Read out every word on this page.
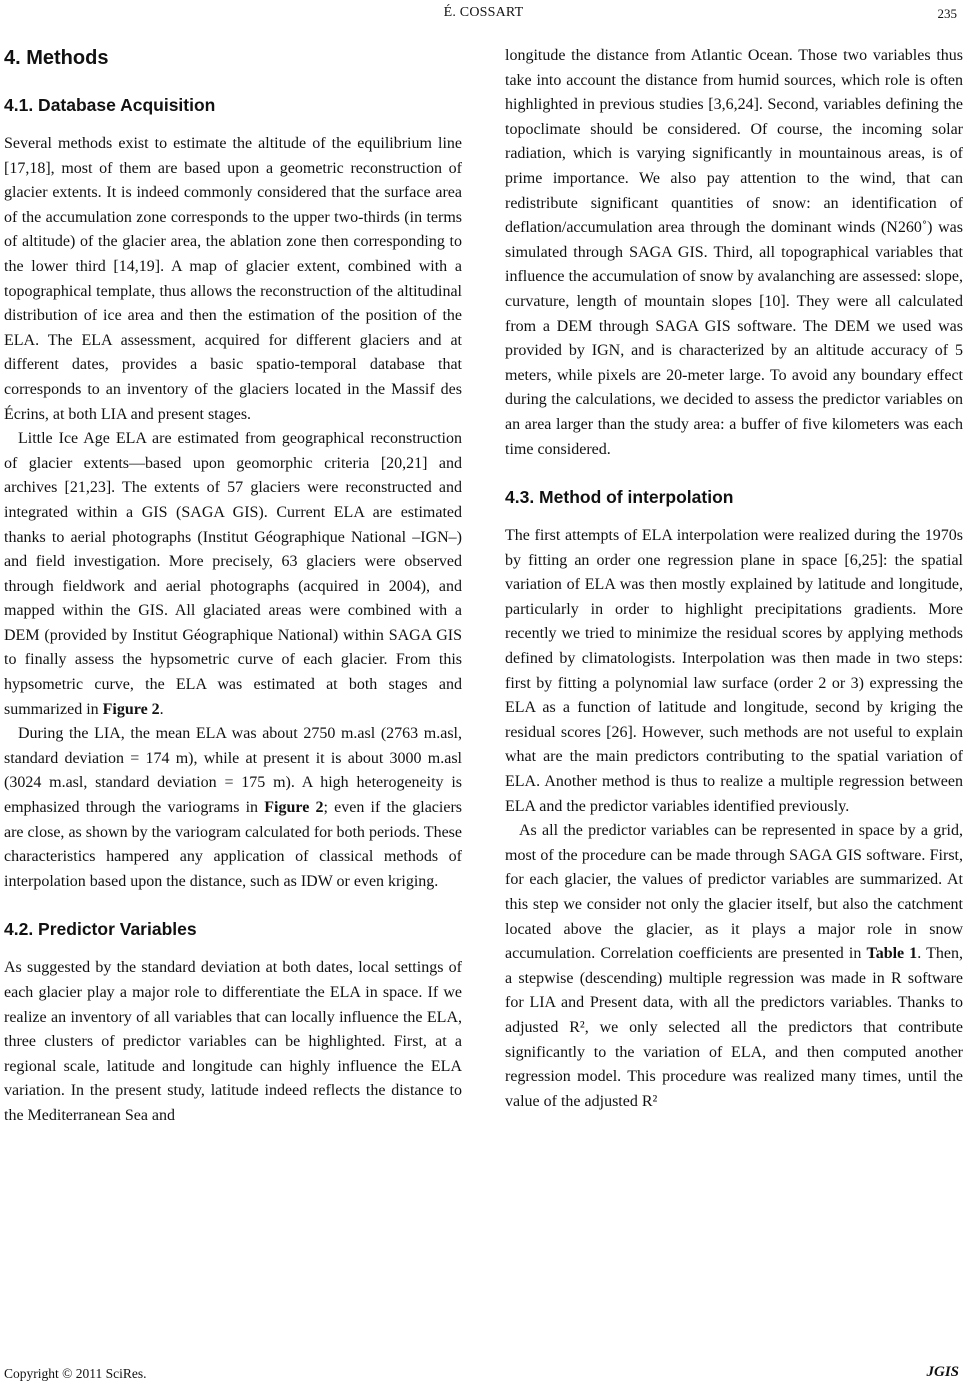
É. COSSART	235
4. Methods
4.1. Database Acquisition

Several methods exist to estimate the altitude of the equilibrium line [17,18], most of them are based upon a geometric reconstruction of glacier extents. It is indeed commonly considered that the surface area of the accumulation zone corresponds to the upper two-thirds (in terms of altitude) of the glacier area, the ablation zone then corresponding to the lower third [14,19]. A map of glacier extent, combined with a topographical template, thus allows the reconstruction of the altitudinal distribution of ice area and then the estimation of the position of the ELA. The ELA assessment, acquired for different glaciers and at different dates, provides a basic spatio-temporal database that corresponds to an inventory of the glaciers located in the Massif des Écrins, at both LIA and present stages.

Little Ice Age ELA are estimated from geographical reconstruction of glacier extents—based upon geomorphic criteria [20,21] and archives [21,23]. The extents of 57 glaciers were reconstructed and integrated within a GIS (SAGA GIS). Current ELA are estimated thanks to aerial photographs (Institut Géographique National –IGN–) and field investigation. More precisely, 63 glaciers were observed through fieldwork and aerial photographs (acquired in 2004), and mapped within the GIS. All glaciated areas were combined with a DEM (provided by Institut Géographique National) within SAGA GIS to finally assess the hypsometric curve of each glacier. From this hypsometric curve, the ELA was estimated at both stages and summarized in Figure 2.

During the LIA, the mean ELA was about 2750 m.asl (2763 m.asl, standard deviation = 174 m), while at present it is about 3000 m.asl (3024 m.asl, standard deviation = 175 m). A high heterogeneity is emphasized through the variograms in Figure 2; even if the glaciers are close, as shown by the variogram calculated for both periods. These characteristics hampered any application of classical methods of interpolation based upon the distance, such as IDW or even kriging.

4.2. Predictor Variables

As suggested by the standard deviation at both dates, local settings of each glacier play a major role to differentiate the ELA in space. If we realize an inventory of all variables that can locally influence the ELA, three clusters of predictor variables can be highlighted. First, at a regional scale, latitude and longitude can highly influence the ELA variation. In the present study, latitude indeed reflects the distance to the Mediterranean Sea and

longitude the distance from Atlantic Ocean. Those two variables thus take into account the distance from humid sources, which role is often highlighted in previous studies [3,6,24]. Second, variables defining the topoclimate should be considered. Of course, the incoming solar radiation, which is varying significantly in mountainous areas, is of prime importance. We also pay attention to the wind, that can redistribute significant quantities of snow: an identification of deflation/accumulation area through the dominant winds (N260˚) was simulated through SAGA GIS. Third, all topographical variables that influence the accumulation of snow by avalanching are assessed: slope, curvature, length of mountain slopes [10]. They were all calculated from a DEM through SAGA GIS software. The DEM we used was provided by IGN, and is characterized by an altitude accuracy of 5 meters, while pixels are 20-meter large. To avoid any boundary effect during the calculations, we decided to assess the predictor variables on an area larger than the study area: a buffer of five kilometers was each time considered.

4.3. Method of interpolation

The first attempts of ELA interpolation were realized during the 1970s by fitting an order one regression plane in space [6,25]: the spatial variation of ELA was then mostly explained by latitude and longitude, particularly in order to highlight precipitations gradients. More recently we tried to minimize the residual scores by applying methods defined by climatologists. Interpolation was then made in two steps: first by fitting a polynomial law surface (order 2 or 3) expressing the ELA as a function of latitude and longitude, second by kriging the residual scores [26]. However, such methods are not useful to explain what are the main predictors contributing to the spatial variation of ELA. Another method is thus to realize a multiple regression between ELA and the predictor variables identified previously.

As all the predictor variables can be represented in space by a grid, most of the procedure can be made through SAGA GIS software. First, for each glacier, the values of predictor variables are summarized. At this step we consider not only the glacier itself, but also the catchment located above the glacier, as it plays a major role in snow accumulation. Correlation coefficients are presented in Table 1. Then, a stepwise (descending) multiple regression was made in R software for LIA and Present data, with all the predictors variables. Thanks to adjusted R², we only selected all the predictors that contribute significantly to the variation of ELA, and then computed another regression model. This procedure was realized many times, until the value of the adjusted R²

Copyright © 2011 SciRes.	JGIS
